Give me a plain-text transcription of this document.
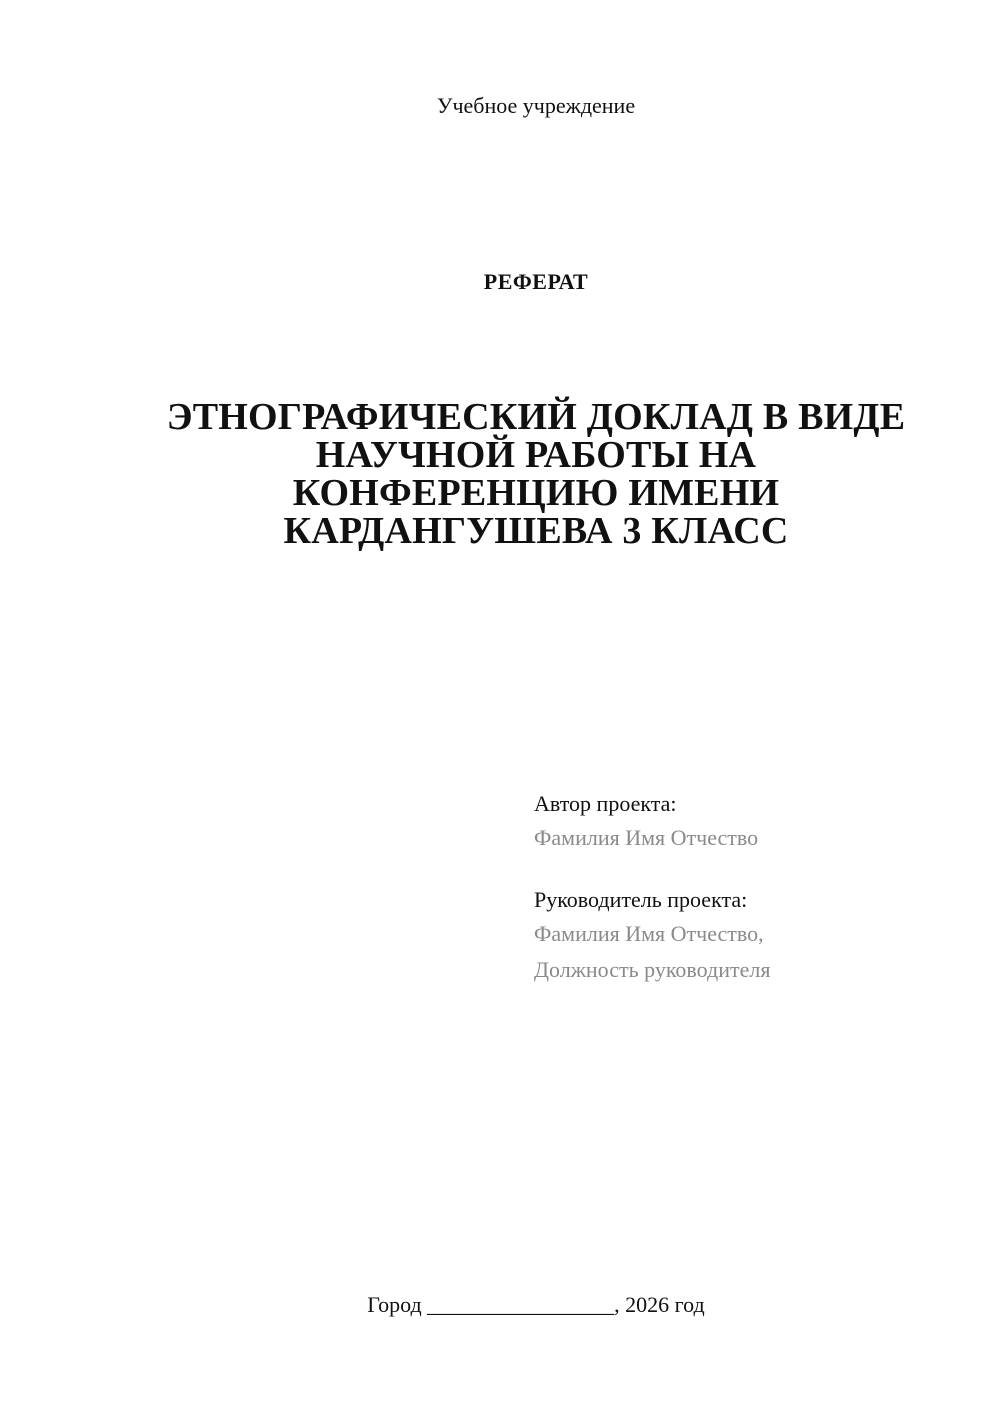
Учебное учреждение
РЕФЕРАТ
ЭТНОГРАФИЧЕСКИЙ ДОКЛАД В ВИДЕ
НАУЧНОЙ РАБОТЫ НА
КОНФЕРЕНЦИЮ ИМЕНИ
КАРДАНГУШЕВА 3 КЛАСС
Автор проекта:
Фамилия Имя Отчество
Руководитель проекта:
Фамилия Имя Отчество,
Должность руководителя
Город _________________, 2026 год
